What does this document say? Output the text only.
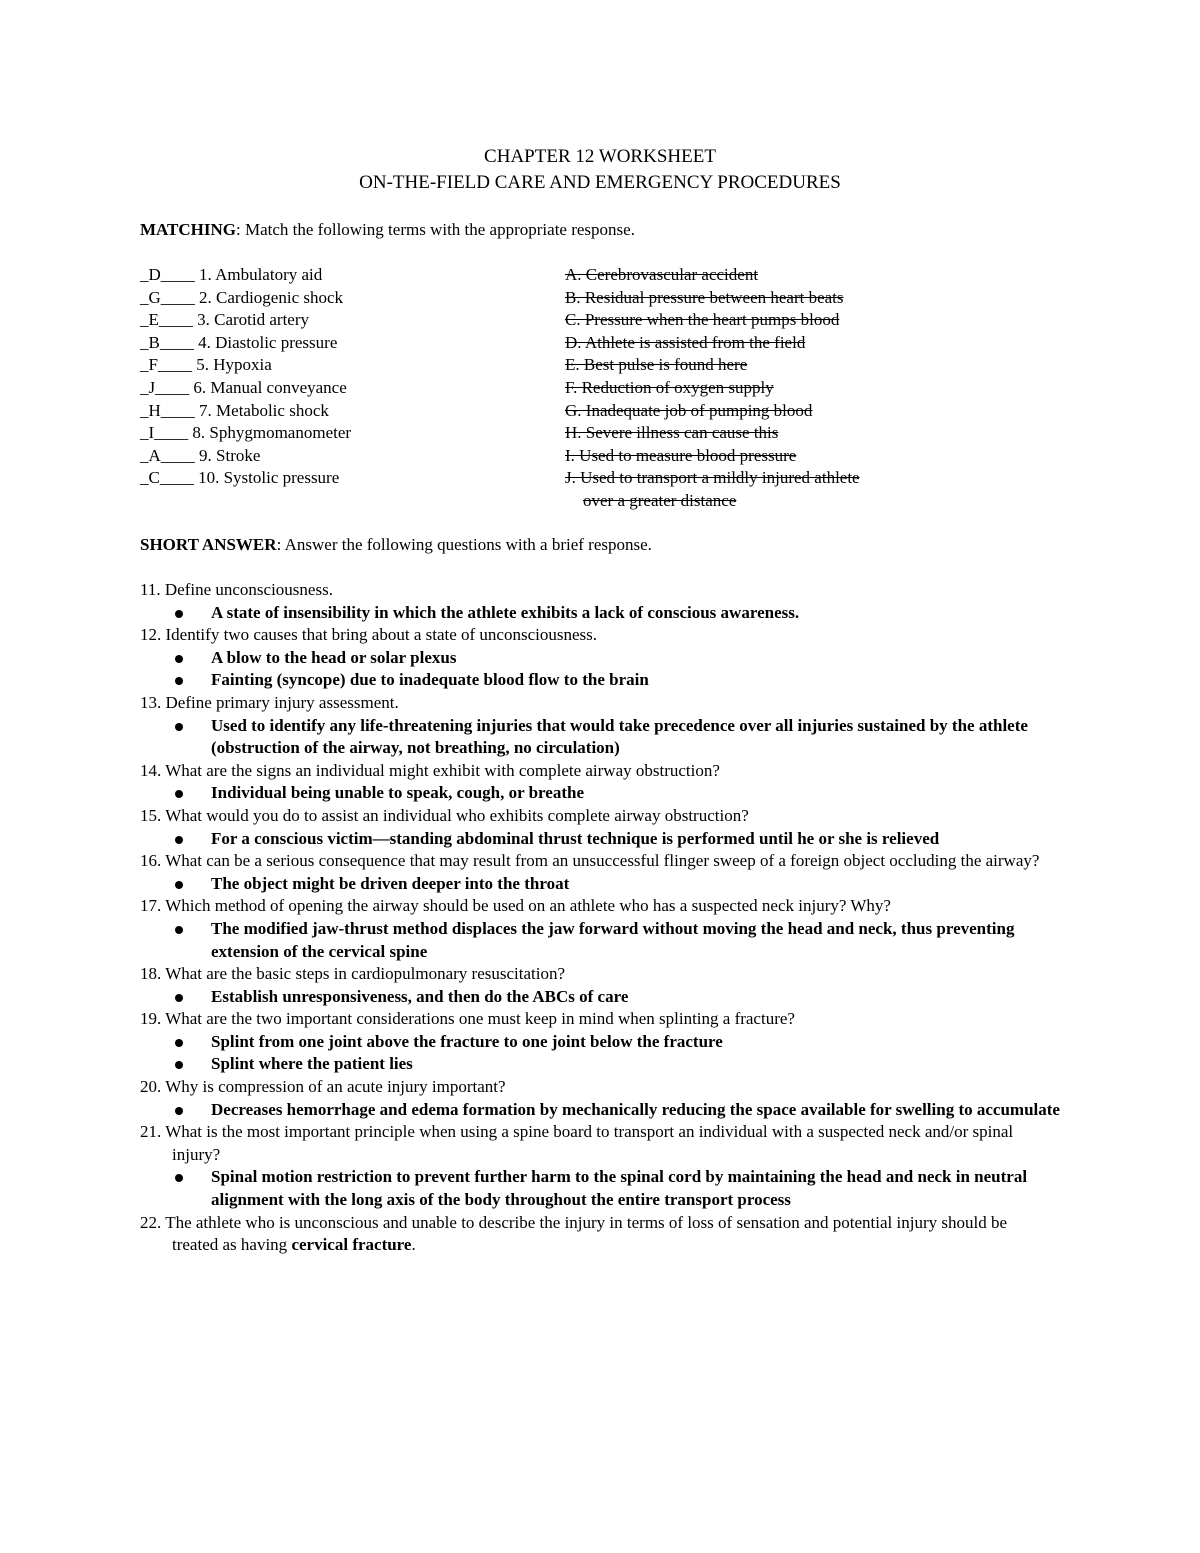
CHAPTER 12 WORKSHEET
ON-THE-FIELD CARE AND EMERGENCY PROCEDURES
MATCHING: Match the following terms with the appropriate response.
_D____ 1. Ambulatory aid
_G____ 2. Cardiogenic shock
_E____ 3. Carotid artery
_B____ 4. Diastolic pressure
_F____ 5. Hypoxia
_J____ 6. Manual conveyance
_H____ 7. Metabolic shock
_I____ 8. Sphygmomanometer
_A____ 9. Stroke
_C____ 10. Systolic pressure
A. Cerebrovascular accident
B. Residual pressure between heart beats
C. Pressure when the heart pumps blood
D. Athlete is assisted from the field
E. Best pulse is found here
F. Reduction of oxygen supply
G. Inadequate job of pumping blood
H. Severe illness can cause this
I. Used to measure blood pressure
J. Used to transport a mildly injured athlete
over a greater distance
SHORT ANSWER: Answer the following questions with a brief response.
11. Define unconsciousness.
A state of insensibility in which the athlete exhibits a lack of conscious awareness.
12. Identify two causes that bring about a state of unconsciousness.
A blow to the head or solar plexus
Fainting (syncope) due to inadequate blood flow to the brain
13. Define primary injury assessment.
Used to identify any life-threatening injuries that would take precedence over all injuries sustained by the athlete (obstruction of the airway, not breathing, no circulation)
14. What are the signs an individual might exhibit with complete airway obstruction?
Individual being unable to speak, cough, or breathe
15. What would you do to assist an individual who exhibits complete airway obstruction?
For a conscious victim—standing abdominal thrust technique is performed until he or she is relieved
16. What can be a serious consequence that may result from an unsuccessful flinger sweep of a foreign object occluding the airway?
The object might be driven deeper into the throat
17. Which method of opening the airway should be used on an athlete who has a suspected neck injury? Why?
The modified jaw-thrust method displaces the jaw forward without moving the head and neck, thus preventing extension of the cervical spine
18. What are the basic steps in cardiopulmonary resuscitation?
Establish unresponsiveness, and then do the ABCs of care
19. What are the two important considerations one must keep in mind when splinting a fracture?
Splint from one joint above the fracture to one joint below the fracture
Splint where the patient lies
20. Why is compression of an acute injury important?
Decreases hemorrhage and edema formation by mechanically reducing the space available for swelling to accumulate
21. What is the most important principle when using a spine board to transport an individual with a suspected neck and/or spinal injury?
Spinal motion restriction to prevent further harm to the spinal cord by maintaining the head and neck in neutral alignment with the long axis of the body throughout the entire transport process
22. The athlete who is unconscious and unable to describe the injury in terms of loss of sensation and potential injury should be treated as having cervical fracture.
